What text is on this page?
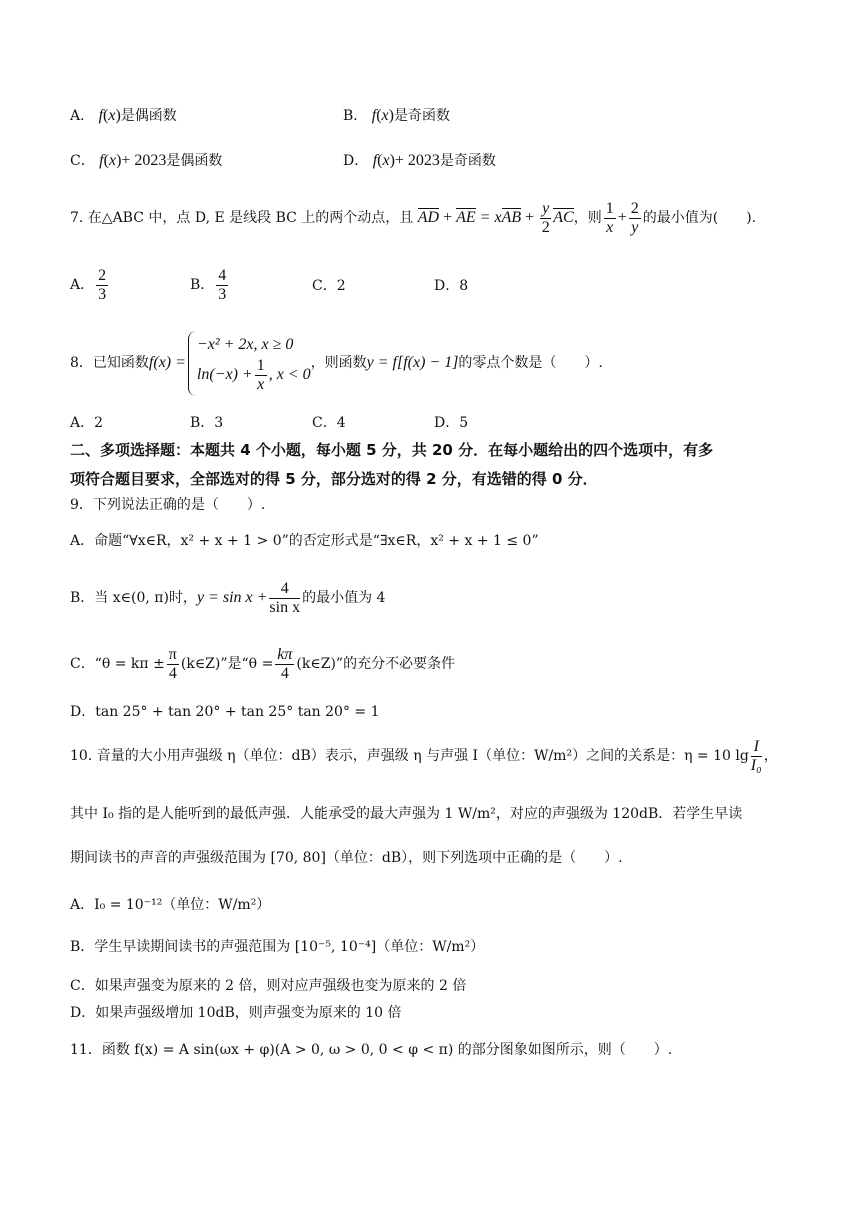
A． f(x)是偶函数	B． f(x)是奇函数
C． f(x)+ 2023是偶函数	D． f(x)+ 2023是奇函数
7. 在△ABC 中，点 D, E 是线段 BC 上的两个动点，且 AD + AE = xAB + $\frac{y}{2}$ AC，则 $\frac{1}{x} + \frac{2}{y}$ 的最小值为(　　).
A． $\frac{2}{3}$	B． $\frac{4}{3}$	C．2	D．8
8．已知函数f(x) =
−x² + 2x, x ≥ 0
$\ln(-x) + \frac{1}{x}$ , x < 0
，则函数y = f[f(x) − 1]的零点个数是（　　）.
A．2	B．3	C．4	D．5
二、多项选择题：本题共 4 个小题，每小题 5 分，共 20 分．在每小题给出的四个选项中，有多
项符合题目要求，全部选对的得 5 分，部分选对的得 2 分，有选错的得 0 分．
9．下列说法正确的是（　　）.
A．命题“∀x∈R，x² + x + 1 > 0”的否定形式是“∃x∈R，x² + x + 1 ≤ 0”
B．当 x∈(0, π)时，$y = \sin x + \frac{4}{\text{sin x}}$ 的最小值为 4
C．“$\theta = k\pi \pm \frac{\pi}{4}$ (k∈Z)”是“$\theta = \frac{k\pi}{4}$ (k∈Z)”的充分不必要条件
D．tan 25° + tan 20° + tan 25° tan 20° = 1
10. 音量的大小用声强级 η（单位：dB）表示，声强级 η 与声强 I（单位：W/m²）之间的关系是：η = 10 $\lg \frac{I}{\text{I₀}}$ ，
其中 I₀ 指的是人能听到的最低声强．人能承受的最大声强为 1 W/m²，对应的声强级为 120dB．若学生早读
期间读书的声音的声强级范围为 [70, 80]（单位：dB），则下列选项中正确的是（　　）.
A．I₀ = 10⁻¹²（单位：W/m²）
B．学生早读期间读书的声强范围为 [10⁻⁵, 10⁻⁴]（单位：W/m²）
C．如果声强变为原来的 2 倍，则对应声强级也变为原来的 2 倍
D．如果声强级增加 10dB，则声强变为原来的 10 倍
11．函数 f(x) = A sin(ωx + φ)(A > 0, ω > 0, 0 < φ < π) 的部分图象如图所示，则（　　）.
